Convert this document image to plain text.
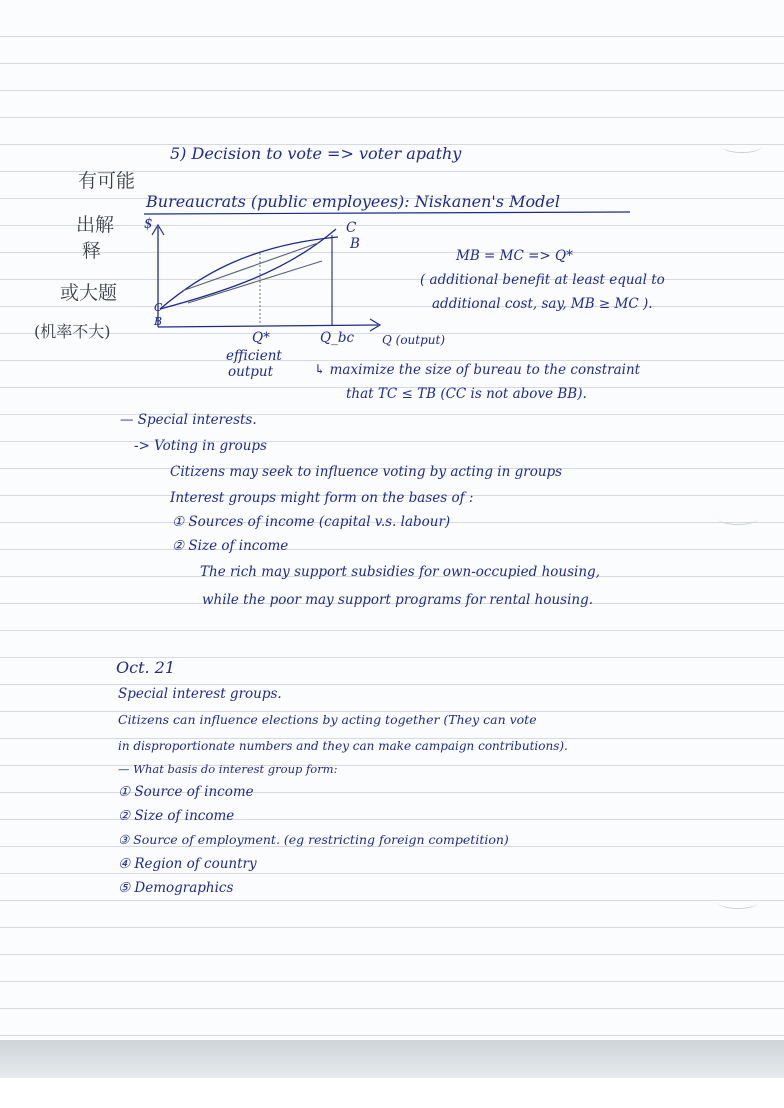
5) Decision to vote => voter apathy
有可能
出解
释
或大题
(机率不大)
Bureaucrats (public employees): Niskanen's Model
$	C
B
C
B
Q*	Q_bc Q (output)
efficient
output
MB = MC => Q*
( additional benefit at least equal to
additional cost, say, MB ≥ MC ).
↳ maximize the size of bureau to the constraint
that TC ≤ TB (CC is not above BB).
— Special interests.
-> Voting in groups
Citizens may seek to influence voting by acting in groups
Interest groups might form on the bases of :
① Sources of income (capital v.s. labour)
② Size of income
The rich may support subsidies for own-occupied housing,
while the poor may support programs for rental housing.
Oct. 21
Special interest groups.
Citizens can influence elections by acting together (They can vote
in disproportionate numbers and they can make campaign contributions).
— What basis do interest group form:
① Source of income
② Size of income
③ Source of employment. (eg restricting foreign competition)
④ Region of country
⑤ Demographics
